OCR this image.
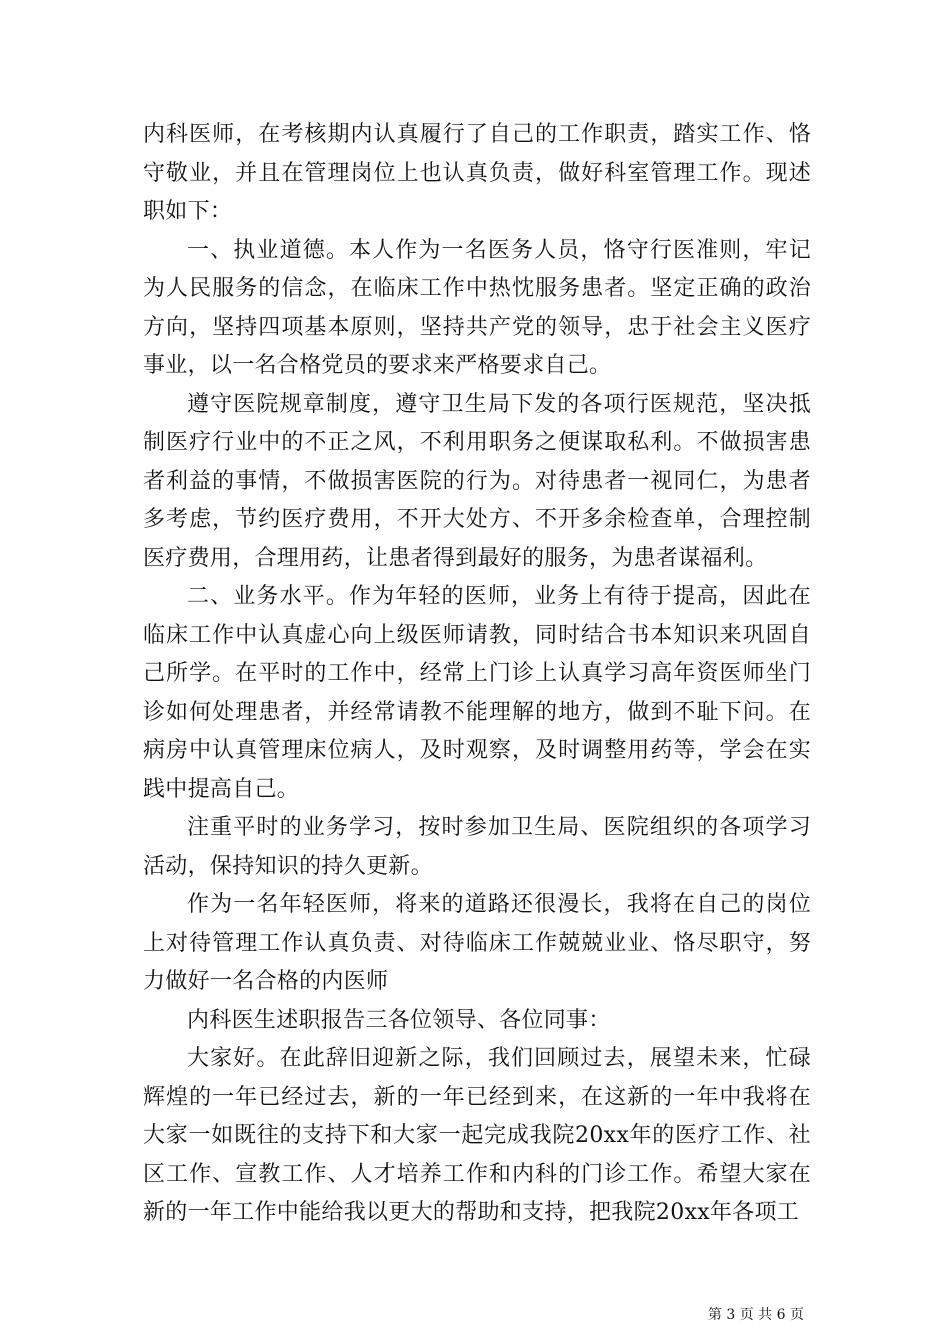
内科医师，在考核期内认真履行了自己的工作职责，踏实工作、恪守敬业，并且在管理岗位上也认真负责，做好科室管理工作。现述职如下：

一、执业道德。本人作为一名医务人员，恪守行医准则，牢记为人民服务的信念，在临床工作中热忱服务患者。坚定正确的政治方向，坚持四项基本原则，坚持共产党的领导，忠于社会主义医疗事业，以一名合格党员的要求来严格要求自己。

遵守医院规章制度，遵守卫生局下发的各项行医规范，坚决抵制医疗行业中的不正之风，不利用职务之便谋取私利。不做损害患者利益的事情，不做损害医院的行为。对待患者一视同仁，为患者多考虑，节约医疗费用，不开大处方、不开多余检查单，合理控制医疗费用，合理用药，让患者得到最好的服务，为患者谋福利。

二、业务水平。作为年轻的医师，业务上有待于提高，因此在临床工作中认真虚心向上级医师请教，同时结合书本知识来巩固自己所学。在平时的工作中，经常上门诊上认真学习高年资医师坐门诊如何处理患者，并经常请教不能理解的地方，做到不耻下问。在病房中认真管理床位病人，及时观察，及时调整用药等，学会在实践中提高自己。

注重平时的业务学习，按时参加卫生局、医院组织的各项学习活动，保持知识的持久更新。

作为一名年轻医师，将来的道路还很漫长，我将在自己的岗位上对待管理工作认真负责、对待临床工作兢兢业业、恪尽职守，努力做好一名合格的内医师

内科医生述职报告三各位领导、各位同事：

大家好。在此辞旧迎新之际，我们回顾过去，展望未来，忙碌辉煌的一年已经过去，新的一年已经到来，在这新的一年中我将在大家一如既往的支持下和大家一起完成我院20xx年的医疗工作、社区工作、宣教工作、人才培养工作和内科的门诊工作。希望大家在新的一年工作中能给我以更大的帮助和支持，把我院20xx年各项工

第 3 页 共 6 页
